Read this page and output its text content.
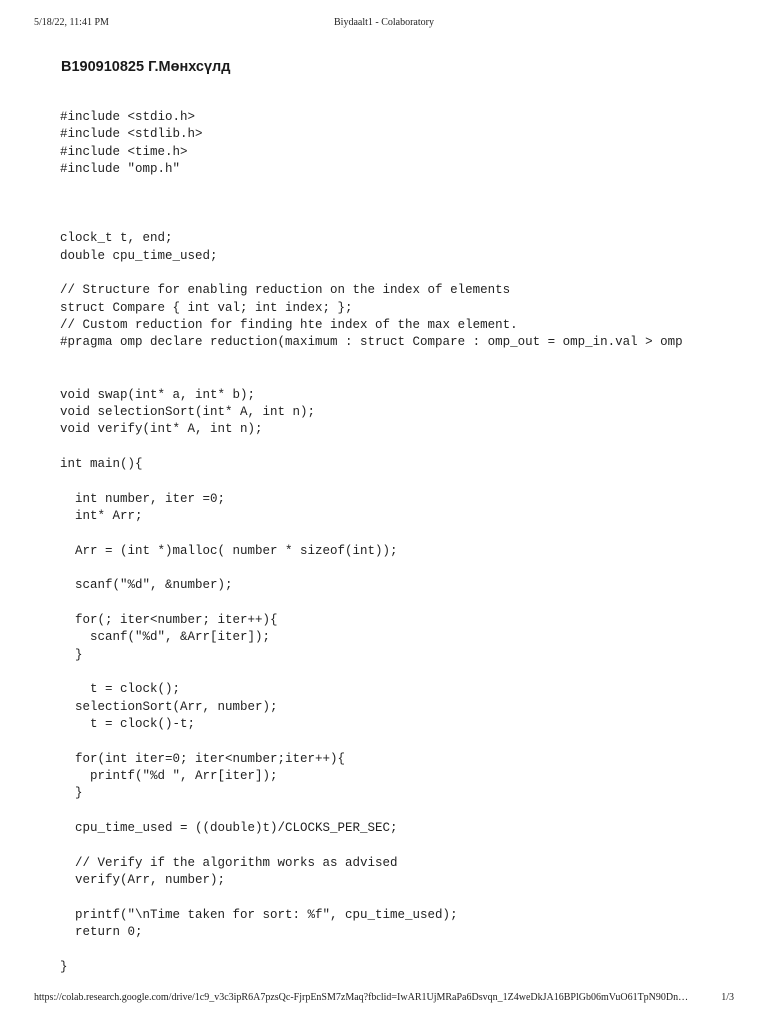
5/18/22, 11:41 PM	Biydaalt1 - Colaboratory
B190910825 Г.Мөнхсүлд
#include <stdio.h>
#include <stdlib.h>
#include <time.h>
#include "omp.h"
clock_t t, end;
double cpu_time_used;
// Structure for enabling reduction on the index of elements
struct Compare { int val; int index; };
// Custom reduction for finding hte index of the max element.
#pragma omp declare reduction(maximum : struct Compare : omp_out = omp_in.val > omp
void swap(int* a, int* b);
void selectionSort(int* A, int n);
void verify(int* A, int n);
int main(){
int number, iter =0;
int* Arr;
Arr = (int *)malloc( number * sizeof(int));
scanf("%d", &number);
for(; iter<number; iter++){
scanf("%d", &Arr[iter]);
}
t = clock();
selectionSort(Arr, number);
t = clock()-t;
for(int iter=0; iter<number;iter++){
printf("%d ", Arr[iter]);
}
cpu_time_used = ((double)t)/CLOCKS_PER_SEC;
// Verify if the algorithm works as advised
verify(Arr, number);
printf("\nTime taken for sort: %f", cpu_time_used);
return 0;
}
https://colab.research.google.com/drive/1c9_v3c3ipR6A7pzsQc-FjrpEnSM7zMaq?fbclid=IwAR1UjMRaPa6Dsvqn_1Z4weDkJA16BPlGb06mVuO61TpN90Dn…	1/3
